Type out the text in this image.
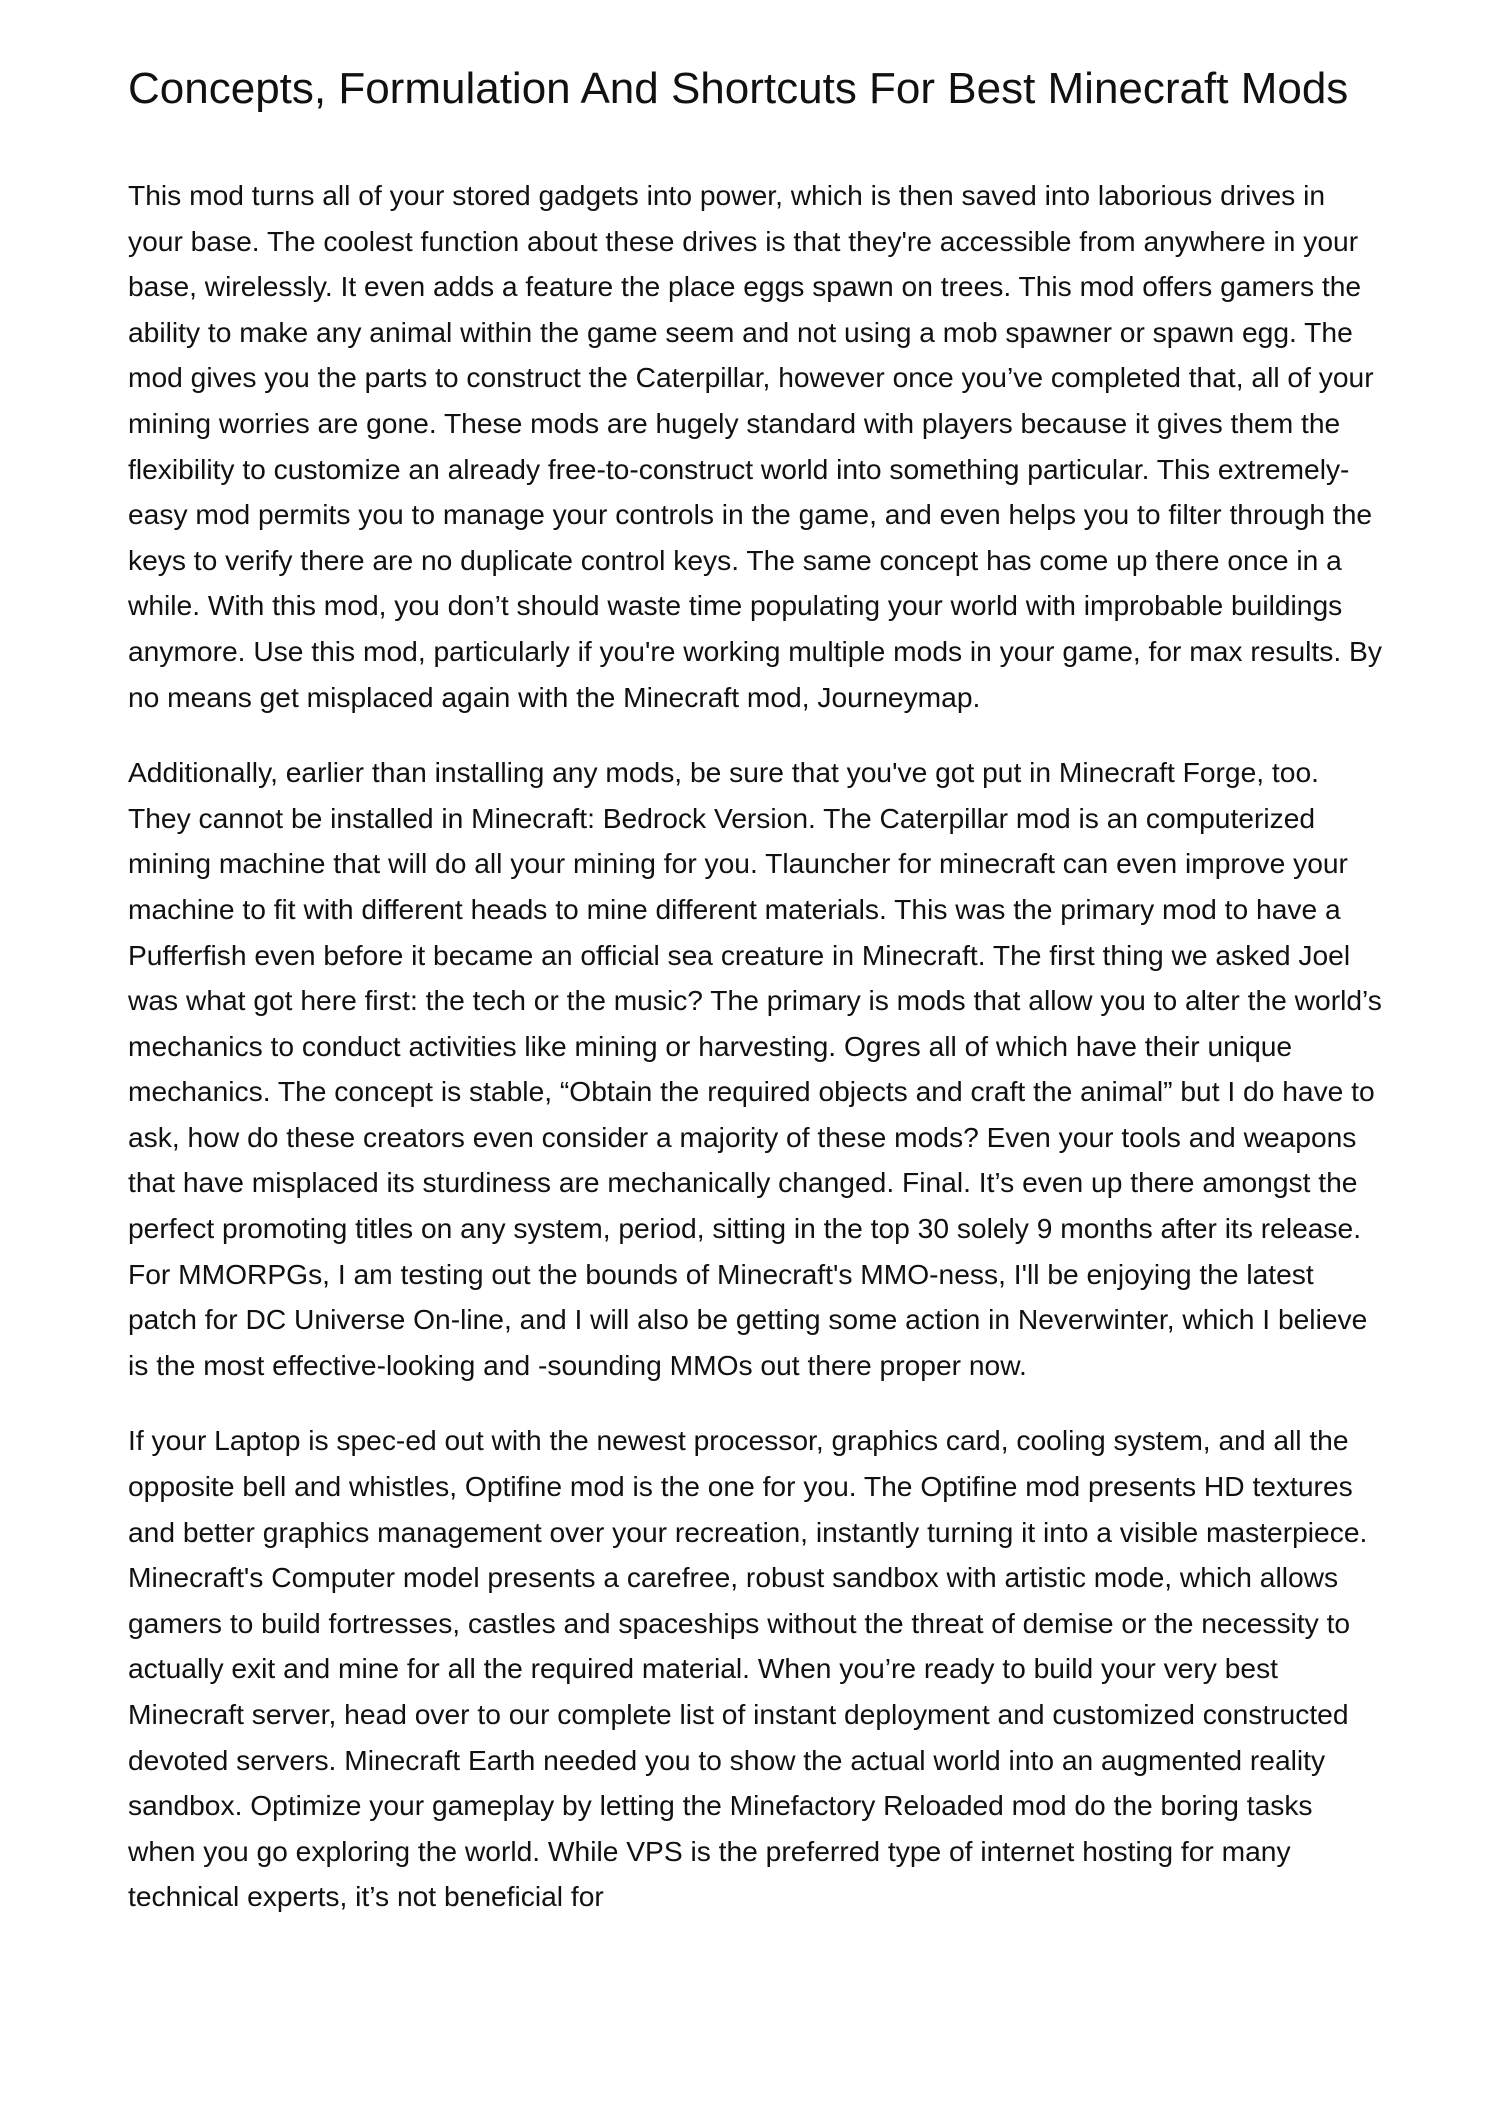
Concepts, Formulation And Shortcuts For Best Minecraft Mods

This mod turns all of your stored gadgets into power, which is then saved into laborious drives in your base. The coolest function about these drives is that they're accessible from anywhere in your base, wirelessly. It even adds a feature the place eggs spawn on trees. This mod offers gamers the ability to make any animal within the game seem and not using a mob spawner or spawn egg. The mod gives you the parts to construct the Caterpillar, however once you’ve completed that, all of your mining worries are gone. These mods are hugely standard with players because it gives them the flexibility to customize an already free-to-construct world into something particular. This extremely-easy mod permits you to manage your controls in the game, and even helps you to filter through the keys to verify there are no duplicate control keys. The same concept has come up there once in a while. With this mod, you don’t should waste time populating your world with improbable buildings anymore. Use this mod, particularly if you're working multiple mods in your game, for max results. By no means get misplaced again with the Minecraft mod, Journeymap.

Additionally, earlier than installing any mods, be sure that you've got put in Minecraft Forge, too. They cannot be installed in Minecraft: Bedrock Version. The Caterpillar mod is an computerized mining machine that will do all your mining for you. Tlauncher for minecraft can even improve your machine to fit with different heads to mine different materials. This was the primary mod to have a Pufferfish even before it became an official sea creature in Minecraft. The first thing we asked Joel was what got here first: the tech or the music? The primary is mods that allow you to alter the world’s mechanics to conduct activities like mining or harvesting. Ogres all of which have their unique mechanics. The concept is stable, “Obtain the required objects and craft the animal” but I do have to ask, how do these creators even consider a majority of these mods? Even your tools and weapons that have misplaced its sturdiness are mechanically changed. Final. It’s even up there amongst the perfect promoting titles on any system, period, sitting in the top 30 solely 9 months after its release. For MMORPGs, I am testing out the bounds of Minecraft's MMO-ness, I'll be enjoying the latest patch for DC Universe On-line, and I will also be getting some action in Neverwinter, which I believe is the most effective-looking and -sounding MMOs out there proper now.

If your Laptop is spec-ed out with the newest processor, graphics card, cooling system, and all the opposite bell and whistles, Optifine mod is the one for you. The Optifine mod presents HD textures and better graphics management over your recreation, instantly turning it into a visible masterpiece. Minecraft's Computer model presents a carefree, robust sandbox with artistic mode, which allows gamers to build fortresses, castles and spaceships without the threat of demise or the necessity to actually exit and mine for all the required material. When you’re ready to build your very best Minecraft server, head over to our complete list of instant deployment and customized constructed devoted servers. Minecraft Earth needed you to show the actual world into an augmented reality sandbox. Optimize your gameplay by letting the Minefactory Reloaded mod do the boring tasks when you go exploring the world. While VPS is the preferred type of internet hosting for many technical experts, it’s not beneficial for
